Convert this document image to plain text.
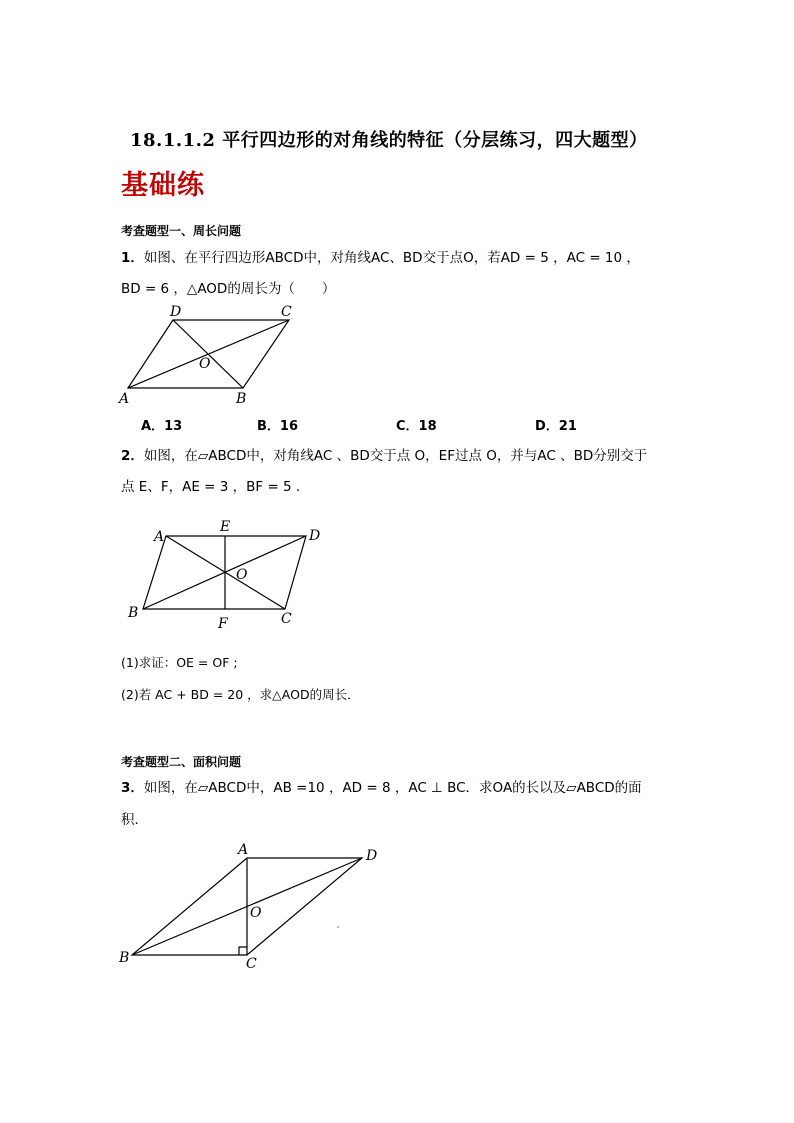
18.1.1.2 平行四边形的对角线的特征（分层练习，四大题型）
基础练
考查题型一、周长问题
1．如图、在平行四边形ABCD中，对角线AC、BD交于点O，若AD = 5 ，AC = 10 ，
BD = 6 ，△AOD的周长为（　　）
A	B
C
D
O
A．13	B．16	C．18	D．21
2．如图，在▱ABCD中，对角线AC 、BD交于点 O，EF过点 O，并与AC 、BD分别交于
点 E、F，AE = 3 ，BF = 5 .
A
B	C
D
E
F
O
(1)求证：OE = OF ;
(2)若 AC + BD = 20 ，求△AOD的周长．
考查题型二、面积问题
3．如图，在▱ABCD中，AB =10 ，AD = 8 ，AC ⊥ BC．求OA的长以及▱ABCD的面
积．
A
B	C
D
O
